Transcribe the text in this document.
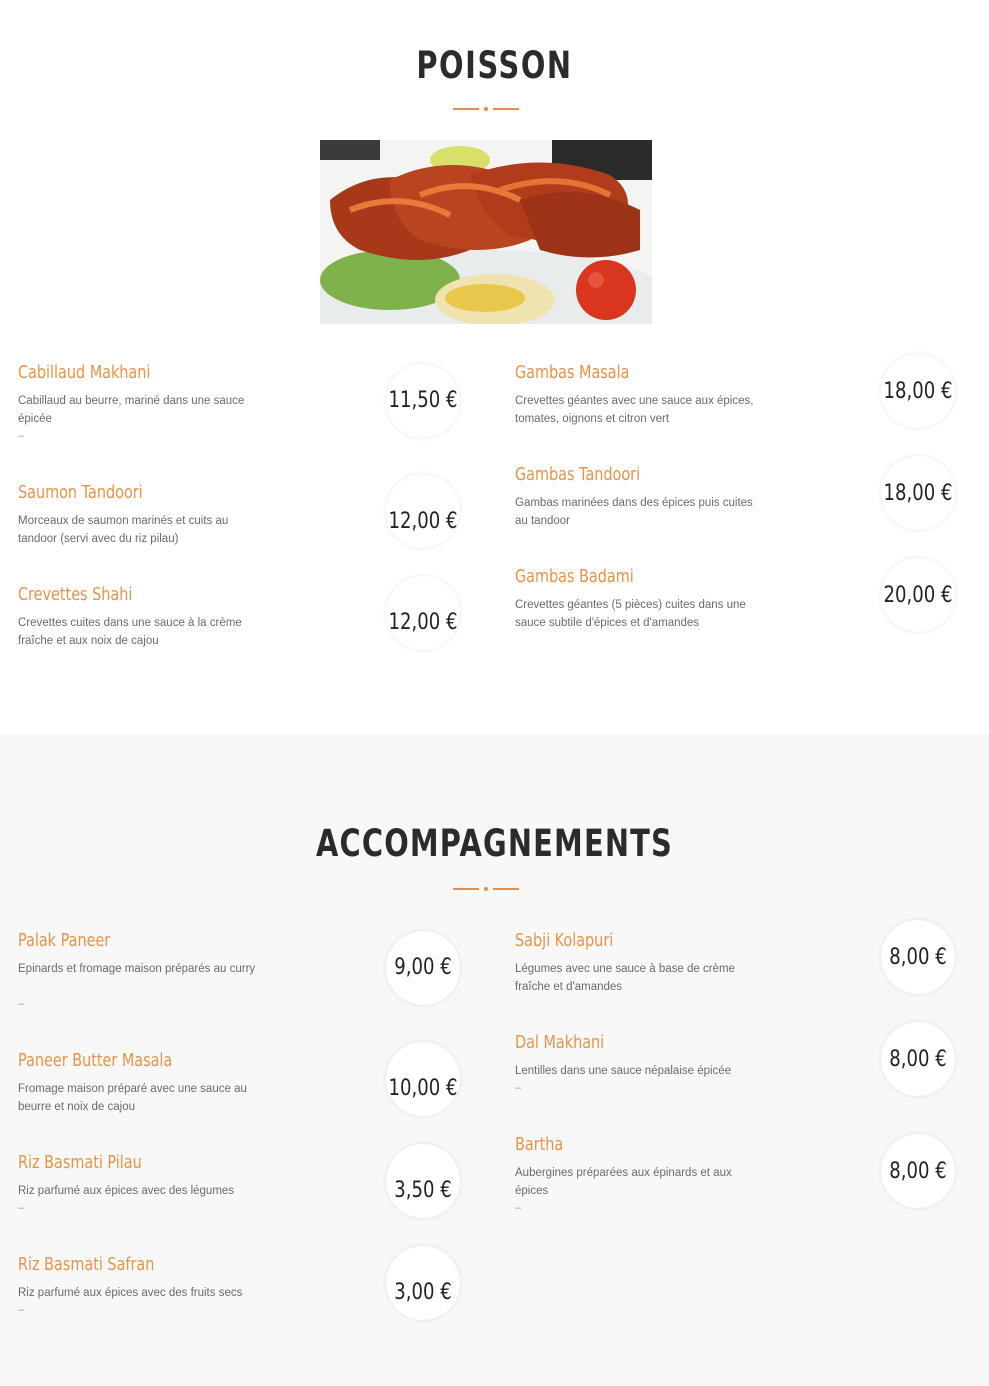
POISSON
Cabillaud Makhani
Cabillaud au beurre, mariné dans une sauce épicée
–
11,50 €
Saumon Tandoori
Morceaux de saumon marinés et cuits au tandoor (servi avec du riz pilau)
12,00 €
Crevettes Shahi
Crevettes cuites dans une sauce à la crème fraîche et aux noix de cajou
12,00 €
Gambas Masala
Crevettes géantes avec une sauce aux épices, tomates, oignons et citron vert
18,00 €
Gambas Tandoori
Gambas marinées dans des épices puis cuites au tandoor
18,00 €
Gambas Badami
Crevettes géantes (5 pièces) cuites dans une sauce subtile d'épices et d'amandes
20,00 €
ACCOMPAGNEMENTS
Palak Paneer
Epinards et fromage maison préparés au curry
–
9,00 €
Paneer Butter Masala
Fromage maison préparé avec une sauce au beurre et noix de cajou
10,00 €
Riz Basmati Pilau
Riz parfumé aux épices avec des légumes
–
3,50 €
Riz Basmati Safran
Riz parfumé aux épices avec des fruits secs
–
3,00 €
Sabji Kolapuri
Légumes avec une sauce à base de crème fraîche et d'amandes
8,00 €
Dal Makhani
Lentilles dans une sauce népalaise épicée
–
8,00 €
Bartha
Aubergines préparées aux épinards et aux épices
–
8,00 €
